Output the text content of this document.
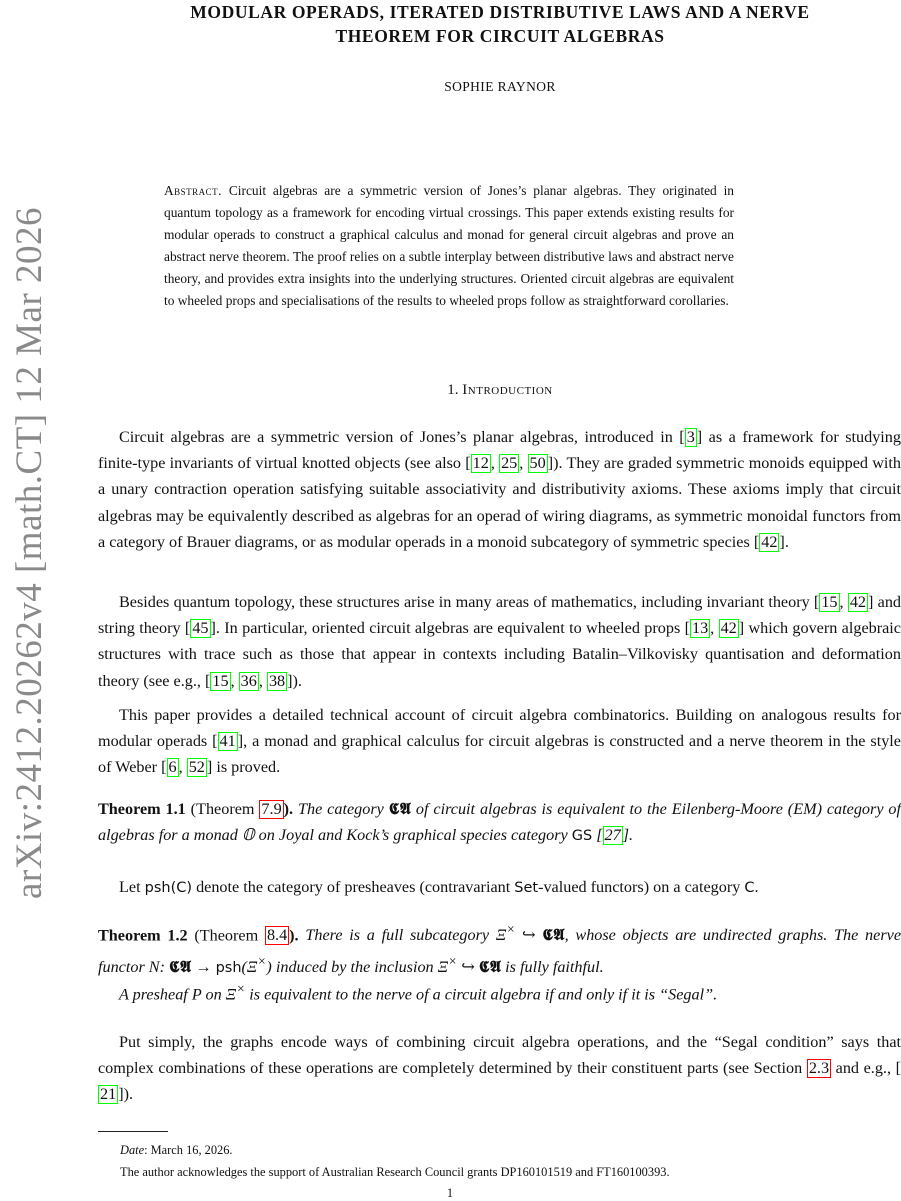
arXiv:2412.20262v4 [math.CT] 12 Mar 2026
MODULAR OPERADS, ITERATED DISTRIBUTIVE LAWS AND A NERVE
THEOREM FOR CIRCUIT ALGEBRAS
SOPHIE RAYNOR
Abstract. Circuit algebras are a symmetric version of Jones’s planar algebras. They originated in quantum topology as a framework for encoding virtual crossings. This paper extends existing results for modular operads to construct a graphical calculus and monad for general circuit algebras and prove an abstract nerve theorem. The proof relies on a subtle interplay between distributive laws and abstract nerve theory, and provides extra insights into the underlying structures. Oriented circuit algebras are equivalent to wheeled props and specialisations of the results to wheeled props follow as straightforward corollaries.
1. Introduction
Circuit algebras are a symmetric version of Jones’s planar algebras, introduced in [ 3 ] as a framework for studying finite-type invariants of virtual knotted objects (see also [ 12 , 25 , 50 ]). They are graded symmetric monoids equipped with a unary contraction operation satisfying suitable associativity and distributivity axioms. These axioms imply that circuit algebras may be equivalently described as algebras for an operad of wiring diagrams, as symmetric monoidal functors from a category of Brauer diagrams, or as modular operads in a monoid subcategory of symmetric species [ 42 ].
Besides quantum topology, these structures arise in many areas of mathematics, including invariant theory [ 15 , 42 ] and string theory [ 45 ]. In particular, oriented circuit algebras are equivalent to wheeled props [ 13 , 42 ] which govern algebraic structures with trace such as those that appear in contexts including Batalin–Vilkovisky quantisation and deformation theory (see e.g., [ 15 , 36 , 38 ]).
This paper provides a detailed technical account of circuit algebra combinatorics. Building on analogous results for modular operads [ 41 ], a monad and graphical calculus for circuit algebras is constructed and a nerve theorem in the style of Weber [ 6 , 52 ] is proved.
Theorem 1.1 (Theorem 7.9 ). The category 𝕮𝕬 of circuit algebras is equivalent to the Eilenberg-Moore (EM) category of algebras for a monad 𝕆 on Joyal and Kock’s graphical species category GS [ 27 ].
Let psh(C) denote the category of presheaves (contravariant Set-valued functors) on a category C.
Theorem 1.2 (Theorem 8.4 ). There is a full subcategory Ξ× ↪ 𝕮𝕬, whose objects are undirected graphs. The nerve functor N: 𝕮𝕬 → psh(Ξ×) induced by the inclusion Ξ× ↪ 𝕮𝕬 is fully faithful.
A presheaf P on Ξ× is equivalent to the nerve of a circuit algebra if and only if it is “Segal”.
Put simply, the graphs encode ways of combining circuit algebra operations, and the “Segal condition” says that complex combinations of these operations are completely determined by their constituent parts (see Section 2.3 and e.g., [21 ]).
Date: March 16, 2026.
The author acknowledges the support of Australian Research Council grants DP160101519 and FT160100393.
1
